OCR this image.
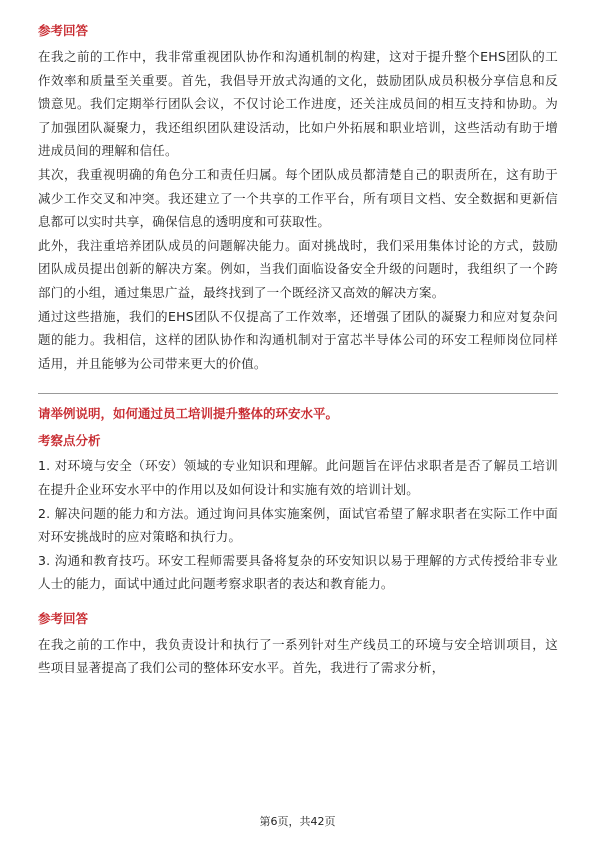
参考回答

在我之前的工作中，我非常重视团队协作和沟通机制的构建，这对于提升整个EHS团队的工作效率和质量至关重要。首先，我倡导开放式沟通的文化，鼓励团队成员积极分享信息和反馈意见。我们定期举行团队会议，不仅讨论工作进度，还关注成员间的相互支持和协助。为了加强团队凝聚力，我还组织团队建设活动，比如户外拓展和职业培训，这些活动有助于增进成员间的理解和信任。

其次，我重视明确的角色分工和责任归属。每个团队成员都清楚自己的职责所在，这有助于减少工作交叉和冲突。我还建立了一个共享的工作平台，所有项目文档、安全数据和更新信息都可以实时共享，确保信息的透明度和可获取性。

此外，我注重培养团队成员的问题解决能力。面对挑战时，我们采用集体讨论的方式，鼓励团队成员提出创新的解决方案。例如，当我们面临设备安全升级的问题时，我组织了一个跨部门的小组，通过集思广益，最终找到了一个既经济又高效的解决方案。

通过这些措施，我们的EHS团队不仅提高了工作效率，还增强了团队的凝聚力和应对复杂问题的能力。我相信，这样的团队协作和沟通机制对于富芯半导体公司的环安工程师岗位同样适用，并且能够为公司带来更大的价值。

请举例说明，如何通过员工培训提升整体的环安水平。
考察点分析

1. 对环境与安全（环安）领域的专业知识和理解。此问题旨在评估求职者是否了解员工培训在提升企业环安水平中的作用以及如何设计和实施有效的培训计划。

2. 解决问题的能力和方法。通过询问具体实施案例，面试官希望了解求职者在实际工作中面对环安挑战时的应对策略和执行力。

3. 沟通和教育技巧。环安工程师需要具备将复杂的环安知识以易于理解的方式传授给非专业人士的能力，面试中通过此问题考察求职者的表达和教育能力。

参考回答

在我之前的工作中，我负责设计和执行了一系列针对生产线员工的环境与安全培训项目，这些项目显著提高了我们公司的整体环安水平。首先，我进行了需求分析，

第6页，共42页
